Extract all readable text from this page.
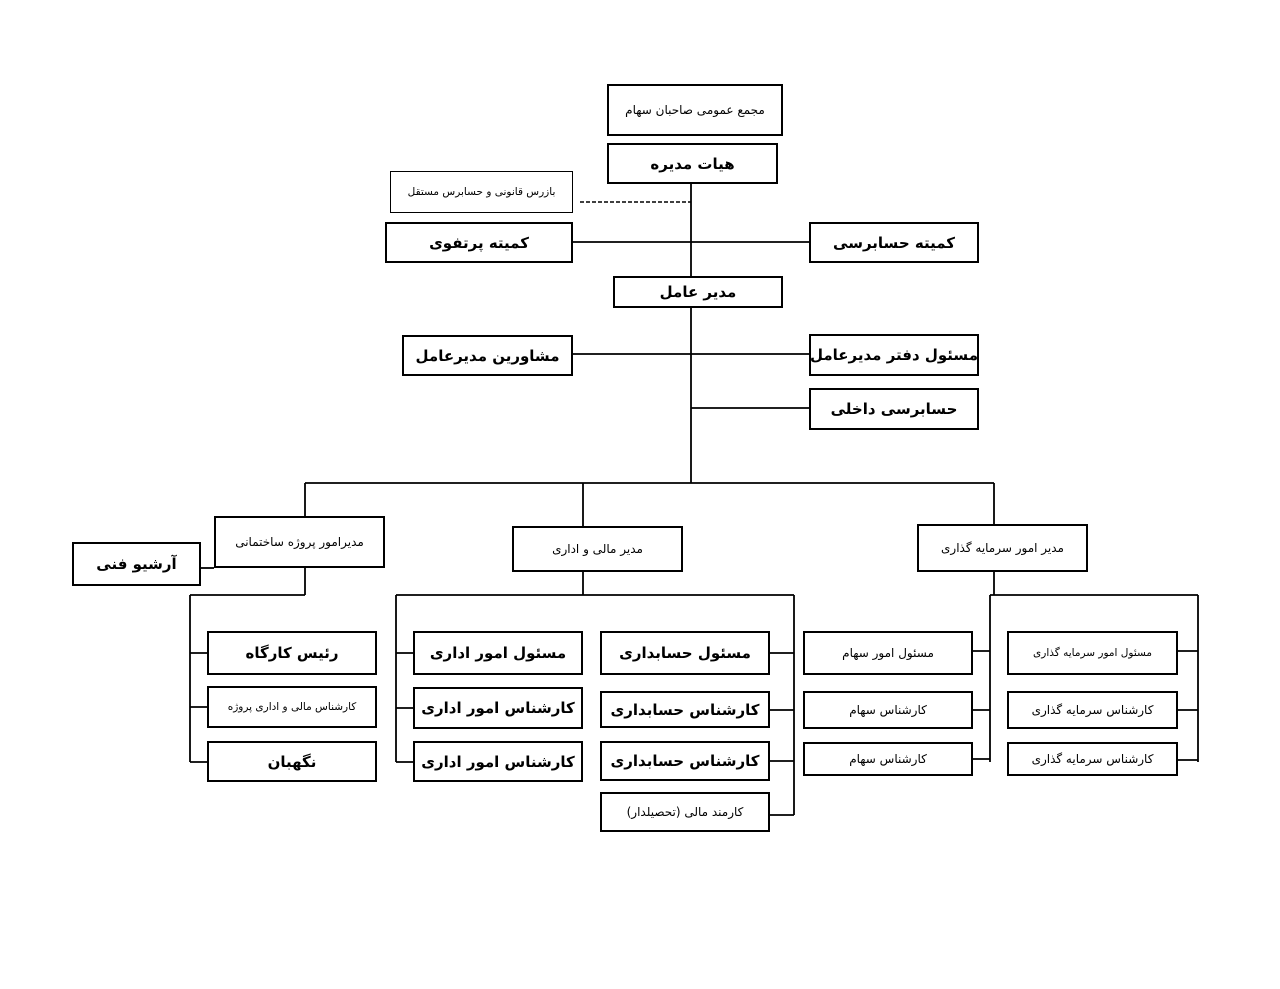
مجمع عمومی صاحبان سهام
هیات مدیره
بازرس قانونی و حسابرس مستقل
کمیته پرتفوی	کمیته حسابرسی
مدیر عامل
مشاورین مدیرعامل	مسئول دفتر مدیرعامل
حسابرسی داخلی
مدیرامور پروژه ساختمانی
آرشیو فنی
مدیر مالی و اداری	مدیر امور سرمایه گذاری
رئیس کارگاه
کارشناس مالی و اداری پروژه
نگهبان
مسئول امور اداری
کارشناس امور اداری
کارشناس امور اداری
مسئول حسابداری
کارشناس حسابداری
کارشناس حسابداری
کارمند مالی (تحصیلدار)
مسئول امور سهام
کارشناس سهام
کارشناس سهام
مسئول امور سرمایه گذاری
کارشناس سرمایه گذاری
کارشناس سرمایه گذاری
